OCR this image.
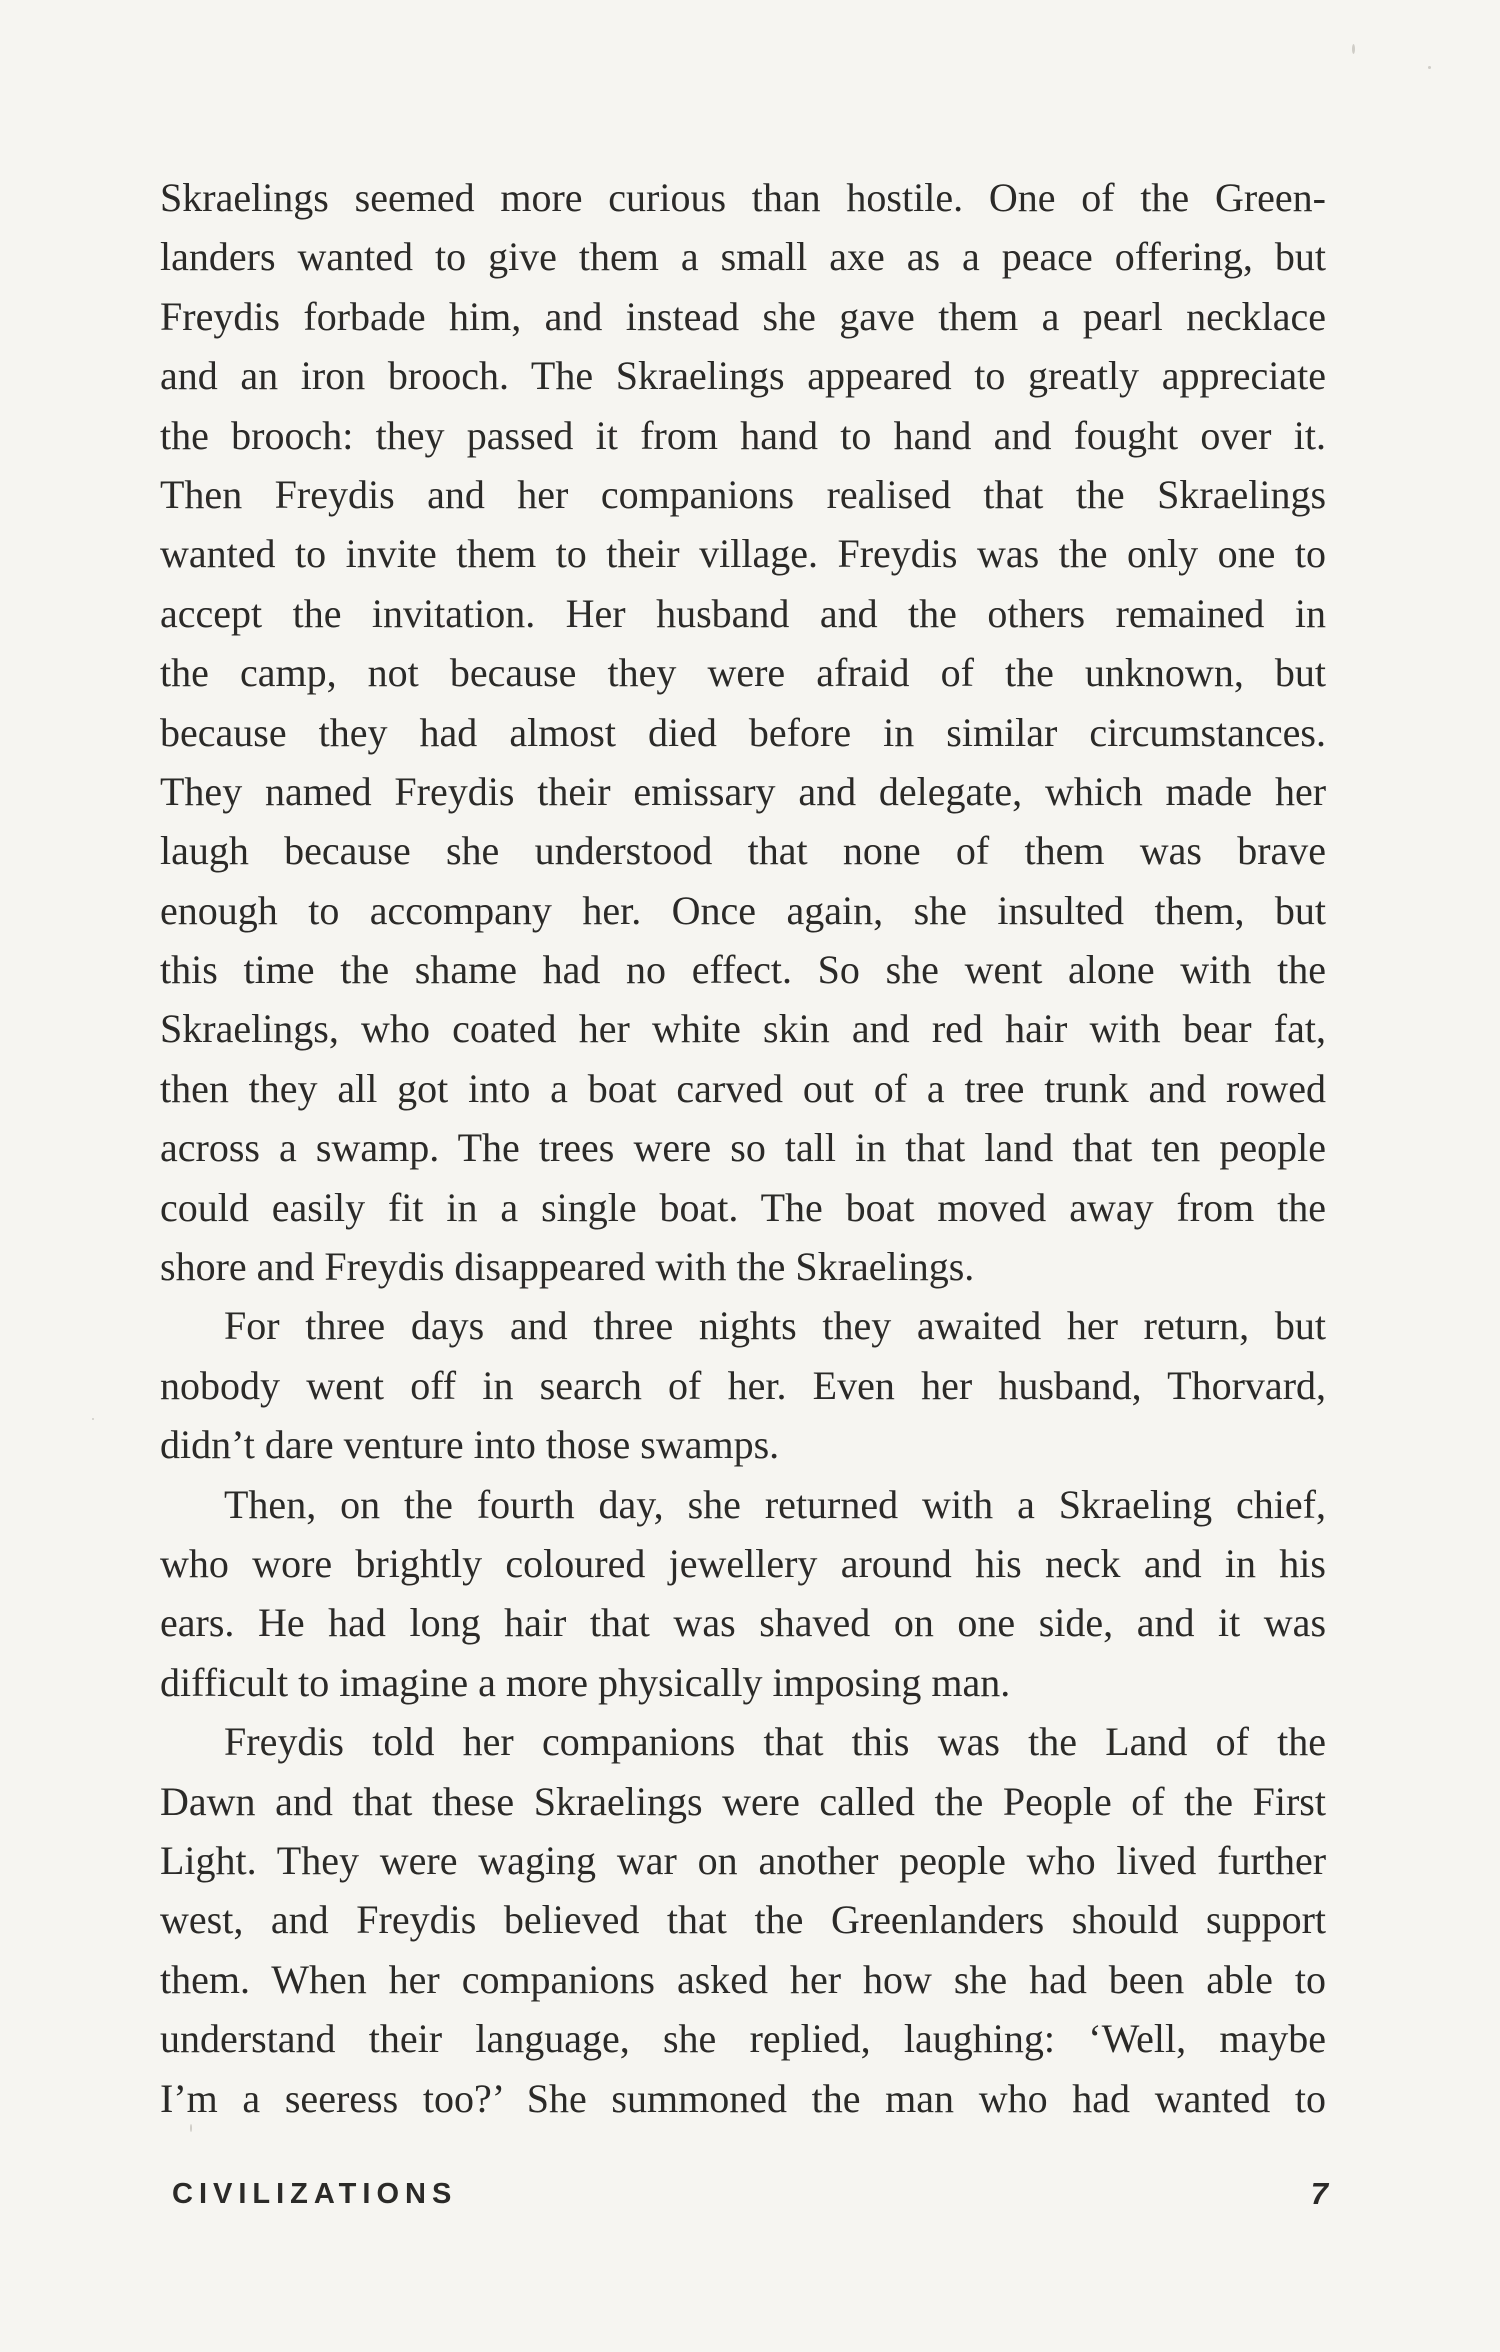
Skraelings seemed more curious than hostile. One of the Green-
landers wanted to give them a small axe as a peace offering, but
Freydis forbade him, and instead she gave them a pearl necklace
and an iron brooch. The Skraelings appeared to greatly appreciate
the brooch: they passed it from hand to hand and fought over it.
Then Freydis and her companions realised that the Skraelings
wanted to invite them to their village. Freydis was the only one to
accept the invitation. Her husband and the others remained in
the camp, not because they were afraid of the unknown, but
because they had almost died before in similar circumstances.
They named Freydis their emissary and delegate, which made her
laugh because she understood that none of them was brave
enough to accompany her. Once again, she insulted them, but
this time the shame had no effect. So she went alone with the
Skraelings, who coated her white skin and red hair with bear fat,
then they all got into a boat carved out of a tree trunk and rowed
across a swamp. The trees were so tall in that land that ten people
could easily fit in a single boat. The boat moved away from the
shore and Freydis disappeared with the Skraelings.
For three days and three nights they awaited her return, but
nobody went off in search of her. Even her husband, Thorvard,
didn’t dare venture into those swamps.
Then, on the fourth day, she returned with a Skraeling chief,
who wore brightly coloured jewellery around his neck and in his
ears. He had long hair that was shaved on one side, and it was
difficult to imagine a more physically imposing man.
Freydis told her companions that this was the Land of the
Dawn and that these Skraelings were called the People of the First
Light. They were waging war on another people who lived further
west, and Freydis believed that the Greenlanders should support
them. When her companions asked her how she had been able to
understand their language, she replied, laughing: ‘Well, maybe
I’m a seeress too?’ She summoned the man who had wanted to
CIVILIZATIONS	7
